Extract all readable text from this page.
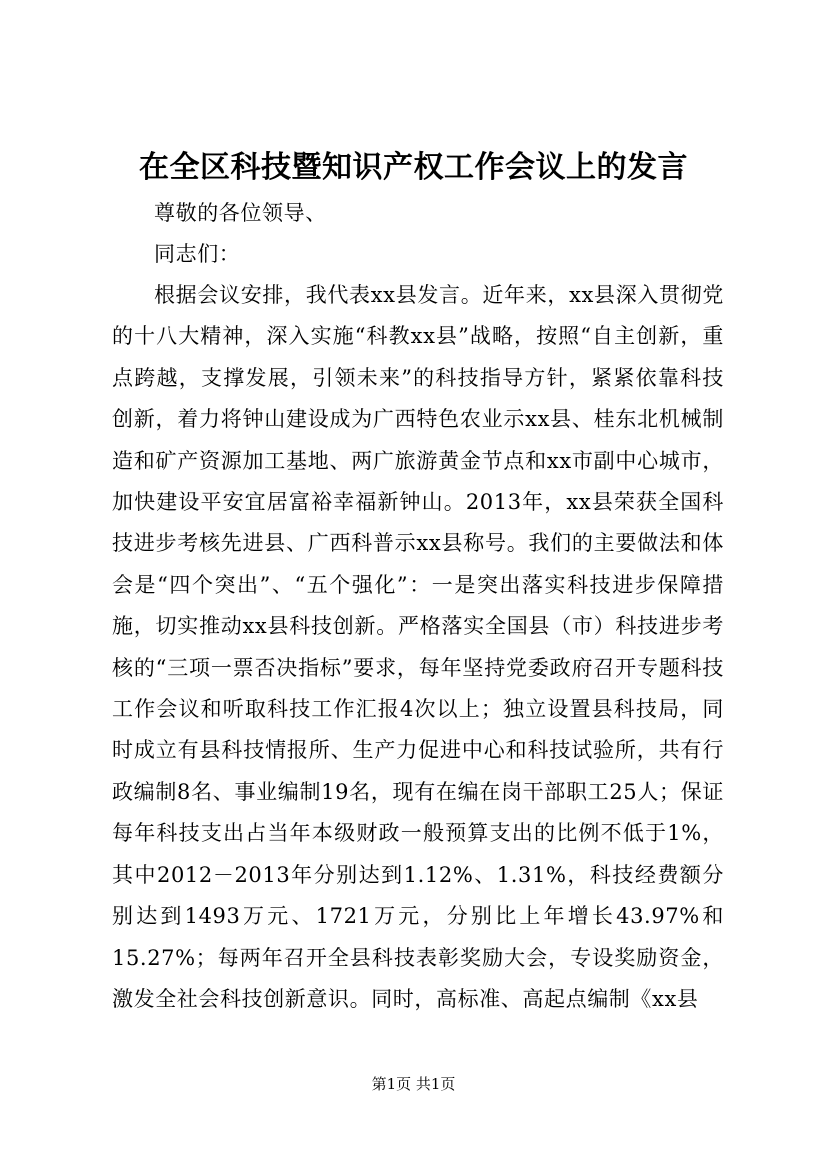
在全区科技暨知识产权工作会议上的发言

尊敬的各位领导、

同志们：

根据会议安排，我代表xx县发言。近年来，xx县深入贯彻党的十八大精神，深入实施“科教xx县”战略，按照“自主创新，重点跨越，支撑发展，引领未来”的科技指导方针，紧紧依靠科技创新，着力将钟山建设成为广西特色农业示xx县、桂东北机械制造和矿产资源加工基地、两广旅游黄金节点和xx市副中心城市，加快建设平安宜居富裕幸福新钟山。2013年，xx县荣获全国科技进步考核先进县、广西科普示xx县称号。我们的主要做法和体会是“四个突出”、“五个强化”：一是突出落实科技进步保障措施，切实推动xx县科技创新。严格落实全国县（市）科技进步考核的“三项一票否决指标”要求，每年坚持党委政府召开专题科技工作会议和听取科技工作汇报4次以上；独立设置县科技局，同时成立有县科技情报所、生产力促进中心和科技试验所，共有行政编制8名、事业编制19名，现有在编在岗干部职工25人；保证每年科技支出占当年本级财政一般预算支出的比例不低于1%，其中2012－2013年分别达到1.12%、1.31%，科技经费额分别达到1493万元、1721万元，分别比上年增长43.97%和15.27%；每两年召开全县科技表彰奖励大会，专设奖励资金，激发全社会科技创新意识。同时，高标准、高起点编制《xx县

第1页 共1页
